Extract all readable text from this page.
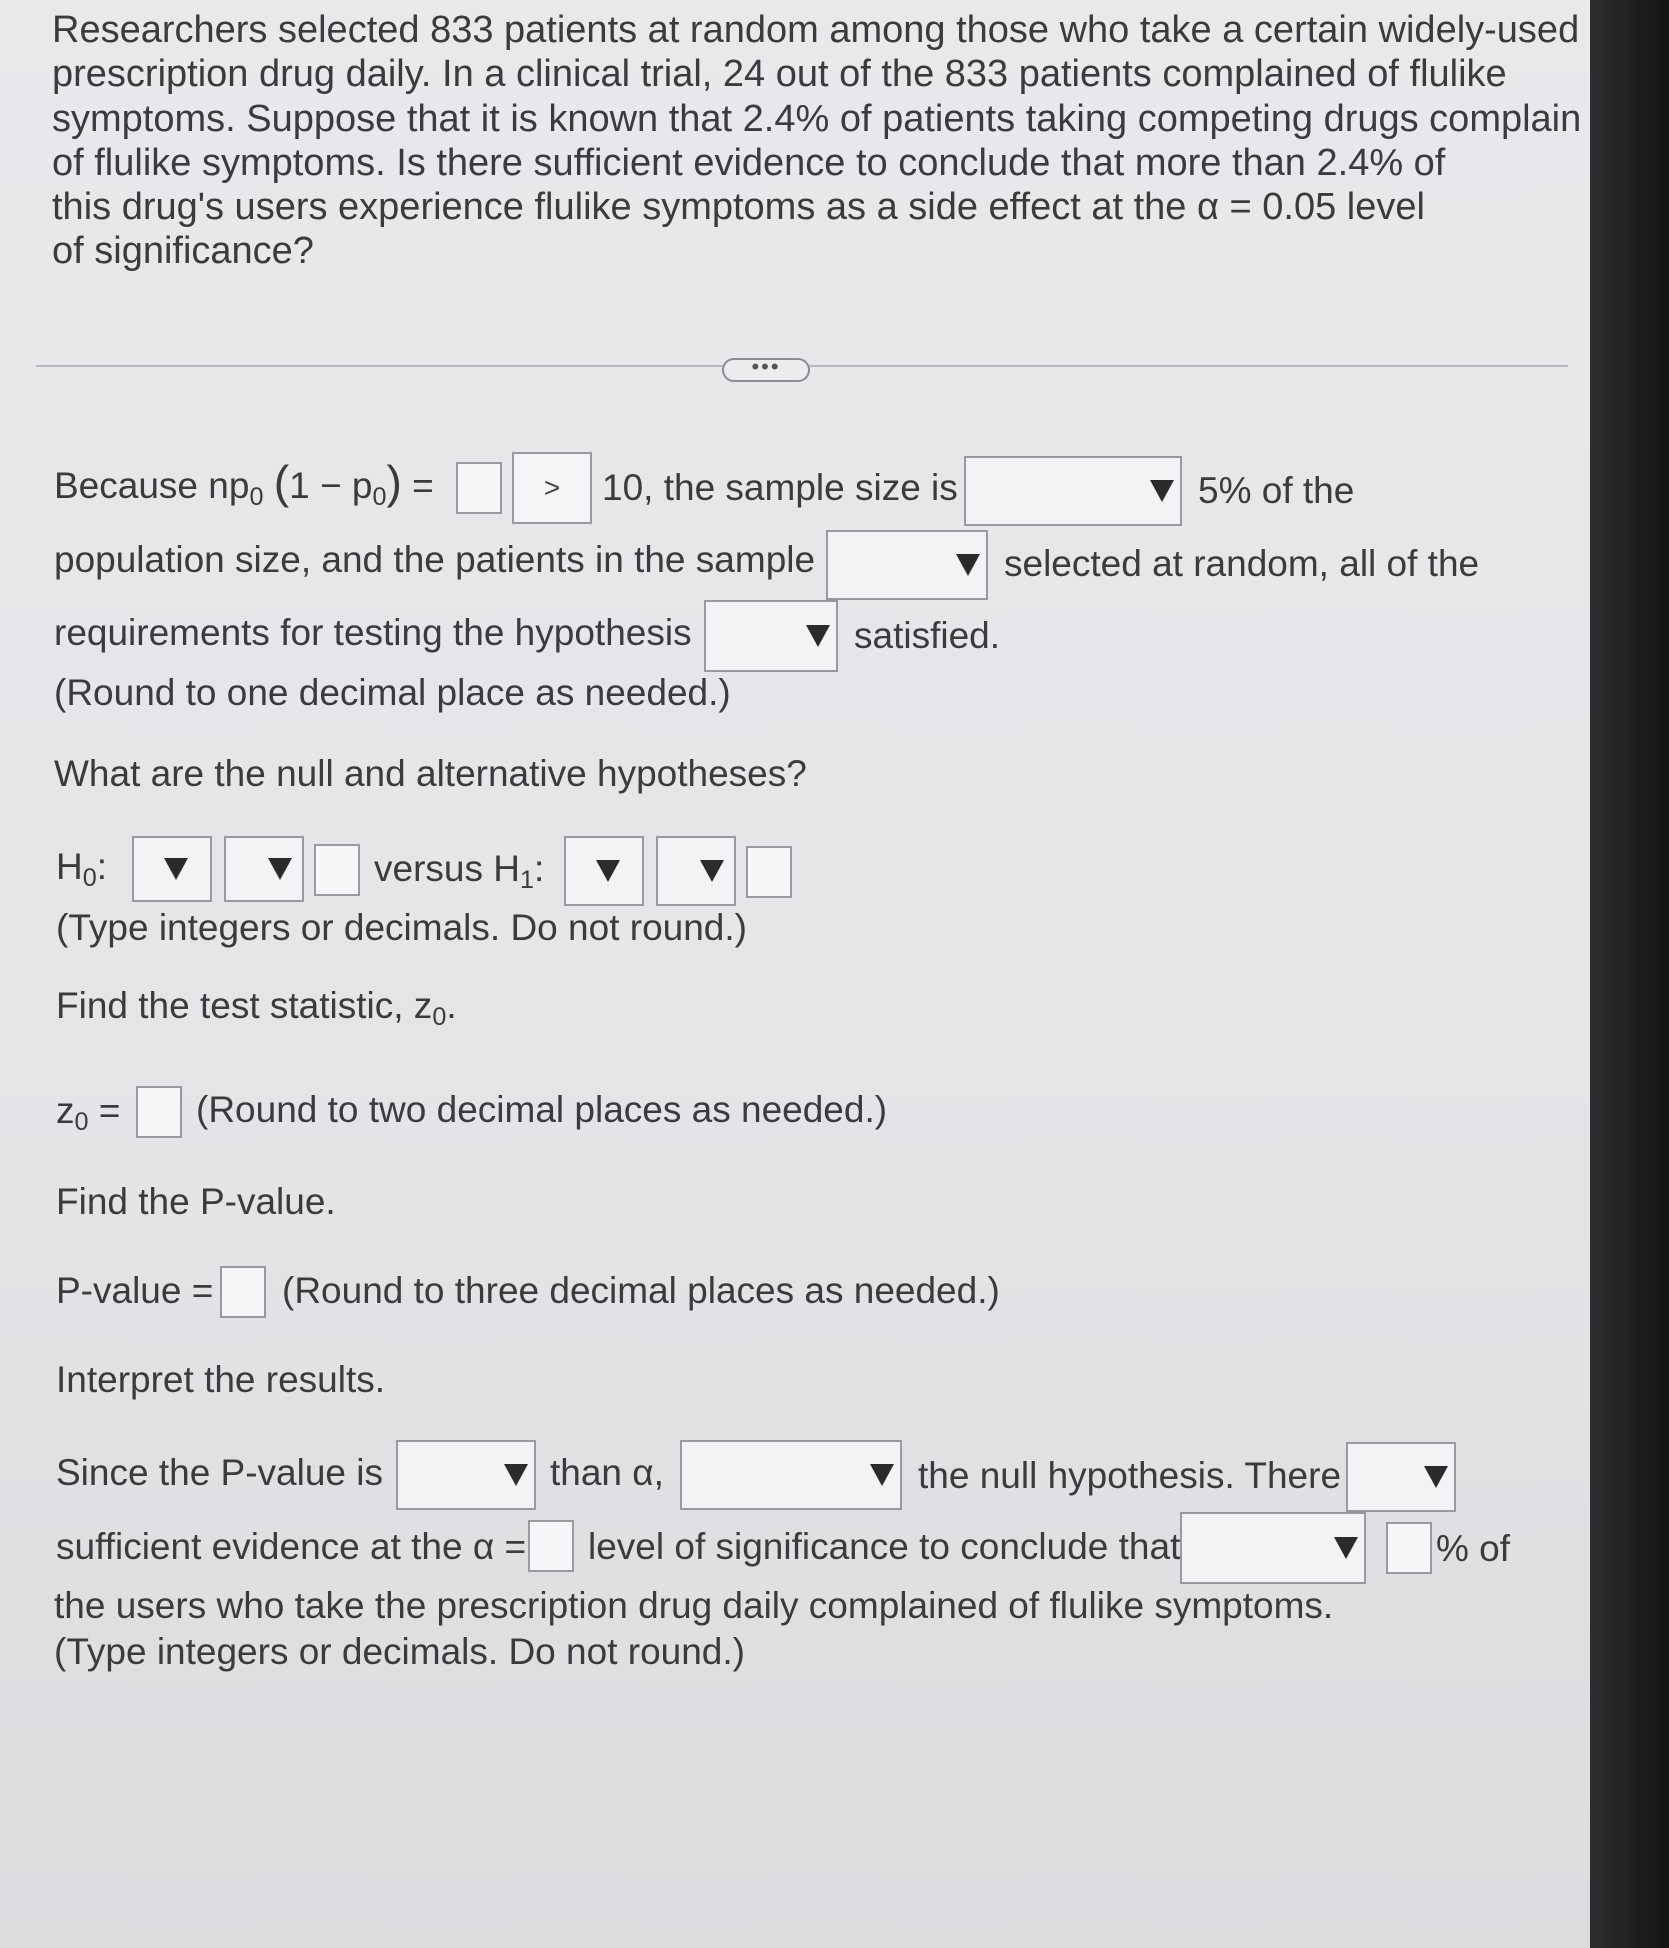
Researchers selected 833 patients at random among those who take a certain widely-used
prescription drug daily. In a clinical trial, 24 out of the 833 patients complained of flulike
symptoms. Suppose that it is known that 2.4% of patients taking competing drugs complain
of flulike symptoms. Is there sufficient evidence to conclude that more than 2.4% of
this drug's users experience flulike symptoms as a side effect at the α = 0.05 level
of significance?
•••
Because $np_0$ $(1 - p_0)$ =	>	10, the sample size is	5% of the
population size, and the patients in the sample	selected at random, all of the
requirements for testing the hypothesis	satisfied.
(Round to one decimal place as needed.)
What are the null and alternative hypotheses?
$H_0$:	versus $H_1$:
(Type integers or decimals. Do not round.)
Find the test statistic, $z_0$.
$z_0$ = (Round to two decimal places as needed.)
Find the P-value.
P-value = (Round to three decimal places as needed.)
Interpret the results.
Since the P-value is	than α,	the null hypothesis. There
sufficient evidence at the α = level of significance to conclude that	% of
the users who take the prescription drug daily complained of flulike symptoms.
(Type integers or decimals. Do not round.)
